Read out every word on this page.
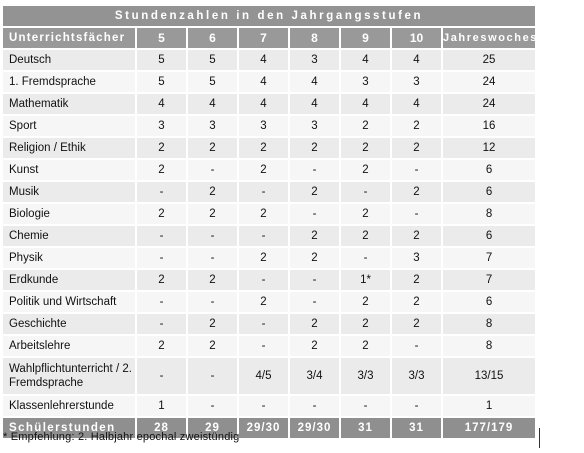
Stundenzahlen in den Jahrgangsstufen							
Unterrichtsfächer	5	6	7	8	9	10	Jahreswochestunden
Deutsch	5	5	4	3	4	4	25
1. Fremdsprache	5	5	4	4	3	3	24
Mathematik	4	4	4	4	4	4	24
Sport	3	3	3	3	2	2	16
Religion / Ethik	2	2	2	2	2	2	12
Kunst	2	-	2	-	2	-	6
Musik	-	2	-	2	-	2	6
Biologie	2	2	2	-	2	-	8
Chemie	-	-	-	2	2	2	6
Physik	-	-	2	2	-	3	7
Erdkunde	2	2	-	-	1*	2	7
Politik und Wirtschaft	-	-	2	-	2	2	6
Geschichte	-	2	-	2	2	2	8
Arbeitslehre	2	2	-	2	2	-	8
Wahlpflichtunterricht / 2. Fremdsprache	-	-	4/5	3/4	3/3	3/3	13/15
Klassenlehrerstunde	1	-	-	-	-	-	1
Schülerstunden	28	29	29/30	29/30	31	31	177/179
* Empfehlung: 2. Halbjahr epochal zweistündig
